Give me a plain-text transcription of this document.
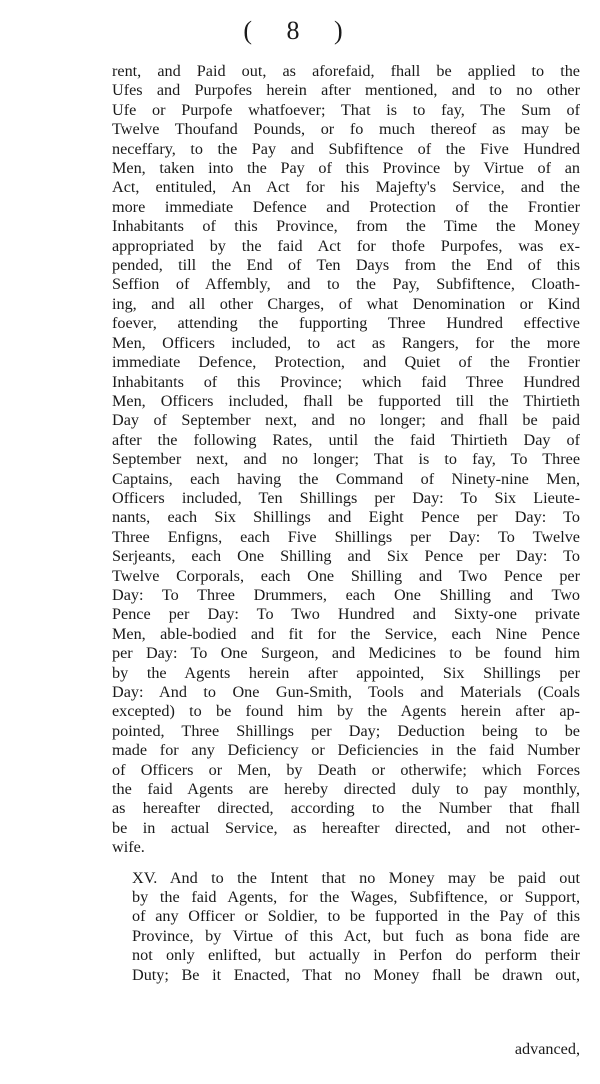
( 8 )

rent, and Paid out, as aforefaid, fhall be applied to the
Ufes and Purpofes herein after mentioned, and to no other
Ufe or Purpofe whatfoever; That is to fay, The Sum of
Twelve Thoufand Pounds, or fo much thereof as may be
neceffary, to the Pay and Subfiftence of the Five Hundred
Men, taken into the Pay of this Province by Virtue of an
Act, entituled, An Act for his Majefty's Service, and the
more immediate Defence and Protection of the Frontier
Inhabitants of this Province, from the Time the Money
appropriated by the faid Act for thofe Purpofes, was ex-
pended, till the End of Ten Days from the End of this
Seffion of Affembly, and to the Pay, Subfiftence, Cloath-
ing, and all other Charges, of what Denomination or Kind
foever, attending the fupporting Three Hundred effective
Men, Officers included, to act as Rangers, for the more
immediate Defence, Protection, and Quiet of the Frontier
Inhabitants of this Province; which faid Three Hundred
Men, Officers included, fhall be fupported till the Thirtieth
Day of September next, and no longer; and fhall be paid
after the following Rates, until the faid Thirtieth Day of
September next, and no longer; That is to fay, To Three
Captains, each having the Command of Ninety-nine Men,
Officers included, Ten Shillings per Day: To Six Lieute-
nants, each Six Shillings and Eight Pence per Day: To
Three Enfigns, each Five Shillings per Day: To Twelve
Serjeants, each One Shilling and Six Pence per Day: To
Twelve Corporals, each One Shilling and Two Pence per
Day: To Three Drummers, each One Shilling and Two
Pence per Day: To Two Hundred and Sixty-one private
Men, able-bodied and fit for the Service, each Nine Pence
per Day: To One Surgeon, and Medicines to be found him
by the Agents herein after appointed, Six Shillings per
Day: And to One Gun-Smith, Tools and Materials (Coals
excepted) to be found him by the Agents herein after ap-
pointed, Three Shillings per Day; Deduction being to be
made for any Deficiency or Deficiencies in the faid Number
of Officers or Men, by Death or otherwife; which Forces
the faid Agents are hereby directed duly to pay monthly,
as hereafter directed, according to the Number that fhall
be in actual Service, as hereafter directed, and not other-
wife.

XV. And to the Intent that no Money may be paid out
by the faid Agents, for the Wages, Subfiftence, or Support,
of any Officer or Soldier, to be fupported in the Pay of this
Province, by Virtue of this Act, but fuch as bona fide are
not only enlifted, but actually in Perfon do perform their
Duty; Be it Enacted, That no Money fhall be drawn out,

advanced,
